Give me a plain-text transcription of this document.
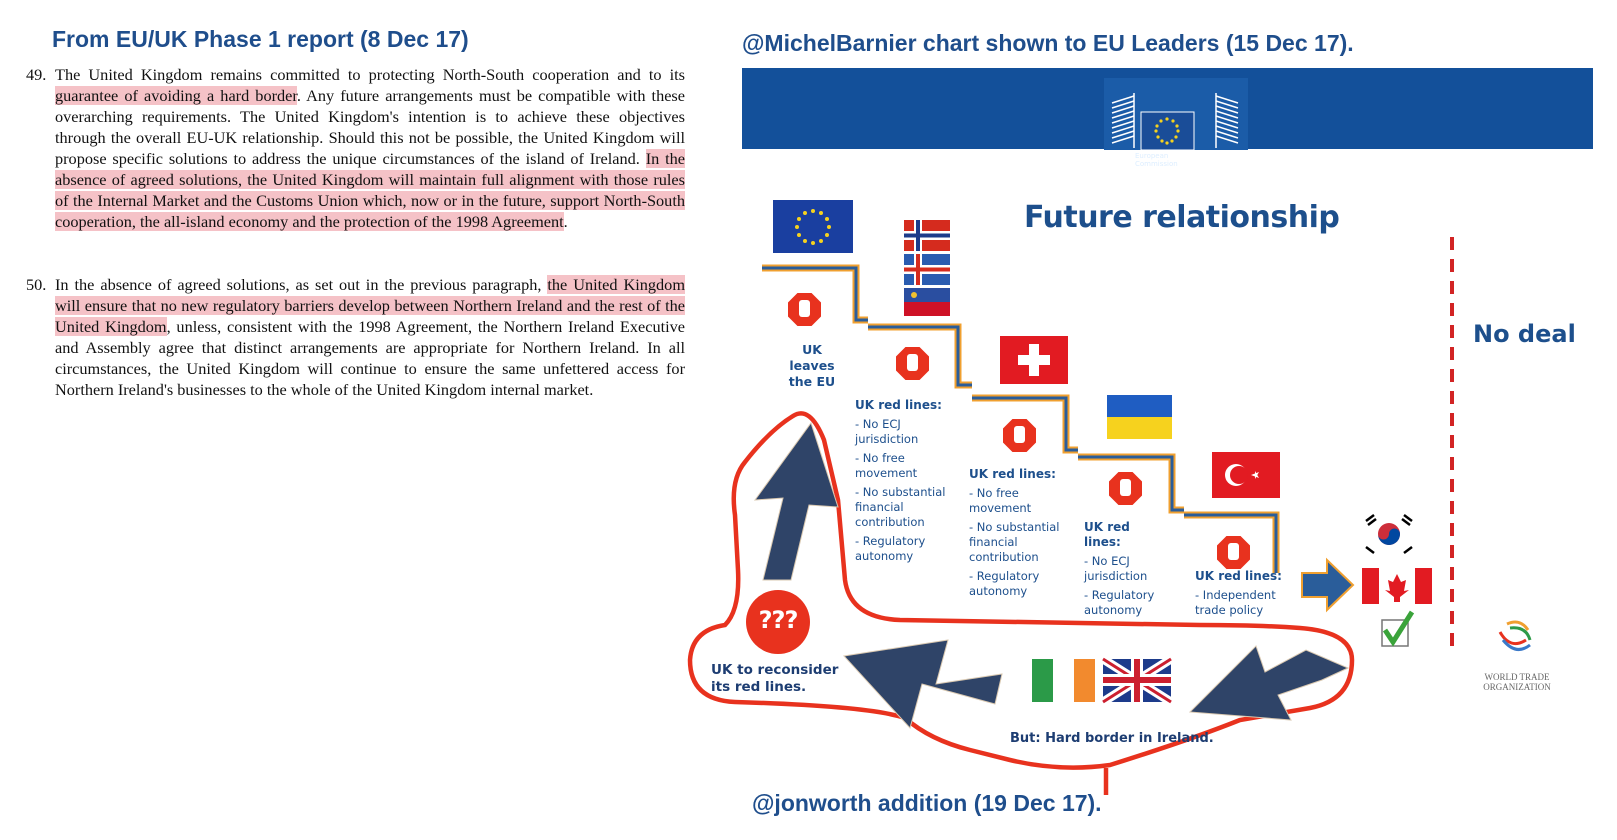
From EU/UK Phase 1 report (8 Dec 17)	@MichelBarnier chart shown to EU Leaders (15 Dec 17).
@jonworth addition (19 Dec 17).
49. The United Kingdom remains committed to protecting North-South cooperation and to its guarantee of avoiding a hard border. Any future arrangements must be compatible with these overarching requirements. The United Kingdom's intention is to achieve these objectives through the overall EU-UK relationship. Should this not be possible, the United Kingdom will propose specific solutions to address the unique circumstances of the island of Ireland. In the absence of agreed solutions, the United Kingdom will maintain full alignment with those rules of the Internal Market and the Customs Union which, now or in the future, support North-South cooperation, the all-island economy and the protection of the 1998 Agreement.
50. In the absence of agreed solutions, as set out in the previous paragraph, the United Kingdom will ensure that no new regulatory barriers develop between Northern Ireland and the rest of the United Kingdom, unless, consistent with the 1998 Agreement, the Northern Ireland Executive and Assembly agree that distinct arrangements are appropriate for Northern Ireland. In all circumstances, the United Kingdom will continue to ensure the same unfettered access for Northern Ireland's businesses to the whole of the United Kingdom internal market.
European
Commission
Future relationship
No deal
UK leaves
the EU
UK red lines:
- No ECJ jurisdiction
- No free movement
- No substantial financial contribution
- Regulatory autonomy
UK red lines:
- No free movement
- No substantial financial contribution
- Regulatory autonomy
UK red lines:
- No ECJ jurisdiction
- Regulatory autonomy
UK red lines:
- Independent trade policy
WORLD TRADE
ORGANIZATION
???
UK to reconsider
its red lines.
But: Hard border in Ireland.
